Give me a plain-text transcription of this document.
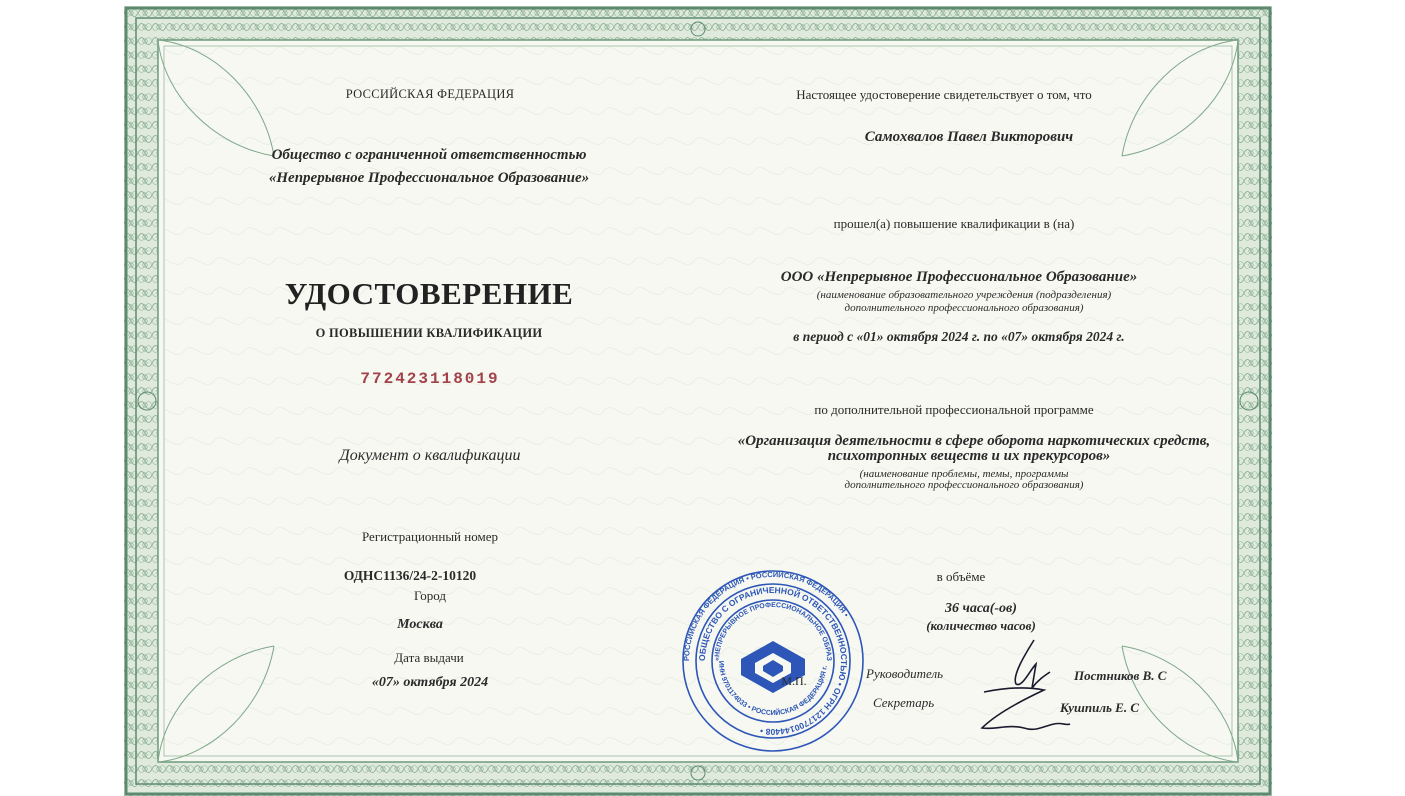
РОССИЙСКАЯ ФЕДЕРАЦИЯ
Общество с ограниченной ответственностью
«Непрерывное Профессиональное Образование»
УДОСТОВЕРЕНИЕ
О ПОВЫШЕНИИ КВАЛИФИКАЦИИ
772423118019
Документ о квалификации
Регистрационный номер
ОДНС1136/24-2-10120
Город
Москва
Дата выдачи
«07» октября 2024
Настоящее удостоверение свидетельствует о том, что
Самохвалов Павел Викторович
прошел(а) повышение квалификации в (на)
ООО «Непрерывное Профессиональное Образование»
(наименование образовательного учреждения (подразделения)
дополнительного профессионального образования)
в период с «01» октября 2024 г. по «07» октября 2024 г.
по дополнительной профессиональной программе
«Организация деятельности в сфере оборота наркотических средств,
психотропных веществ и их прекурсоров»
(наименование проблемы, темы, программы
дополнительного профессионального образования)
в объёме
36 часа(-ов)
(количество часов)
Руководитель	Постников В. С
Секретарь	Кушпиль Е. С
РОССИЙСКАЯ ФЕДЕРАЦИЯ • РОССИЙСКАЯ ФЕДЕРАЦИЯ •
ОБЩЕСТВО С ОГРАНИЧЕННОЙ ОТВЕТСТВЕННОСТЬЮ • ОГРН 1217700144408 •
«НЕПРЕРЫВНОЕ ПРОФЕССИОНАЛЬНОЕ ОБРАЗ
ИНН 9701174033 • РОССИЙСКАЯ ФЕДЕРАЦИЯ г.
М.П.
